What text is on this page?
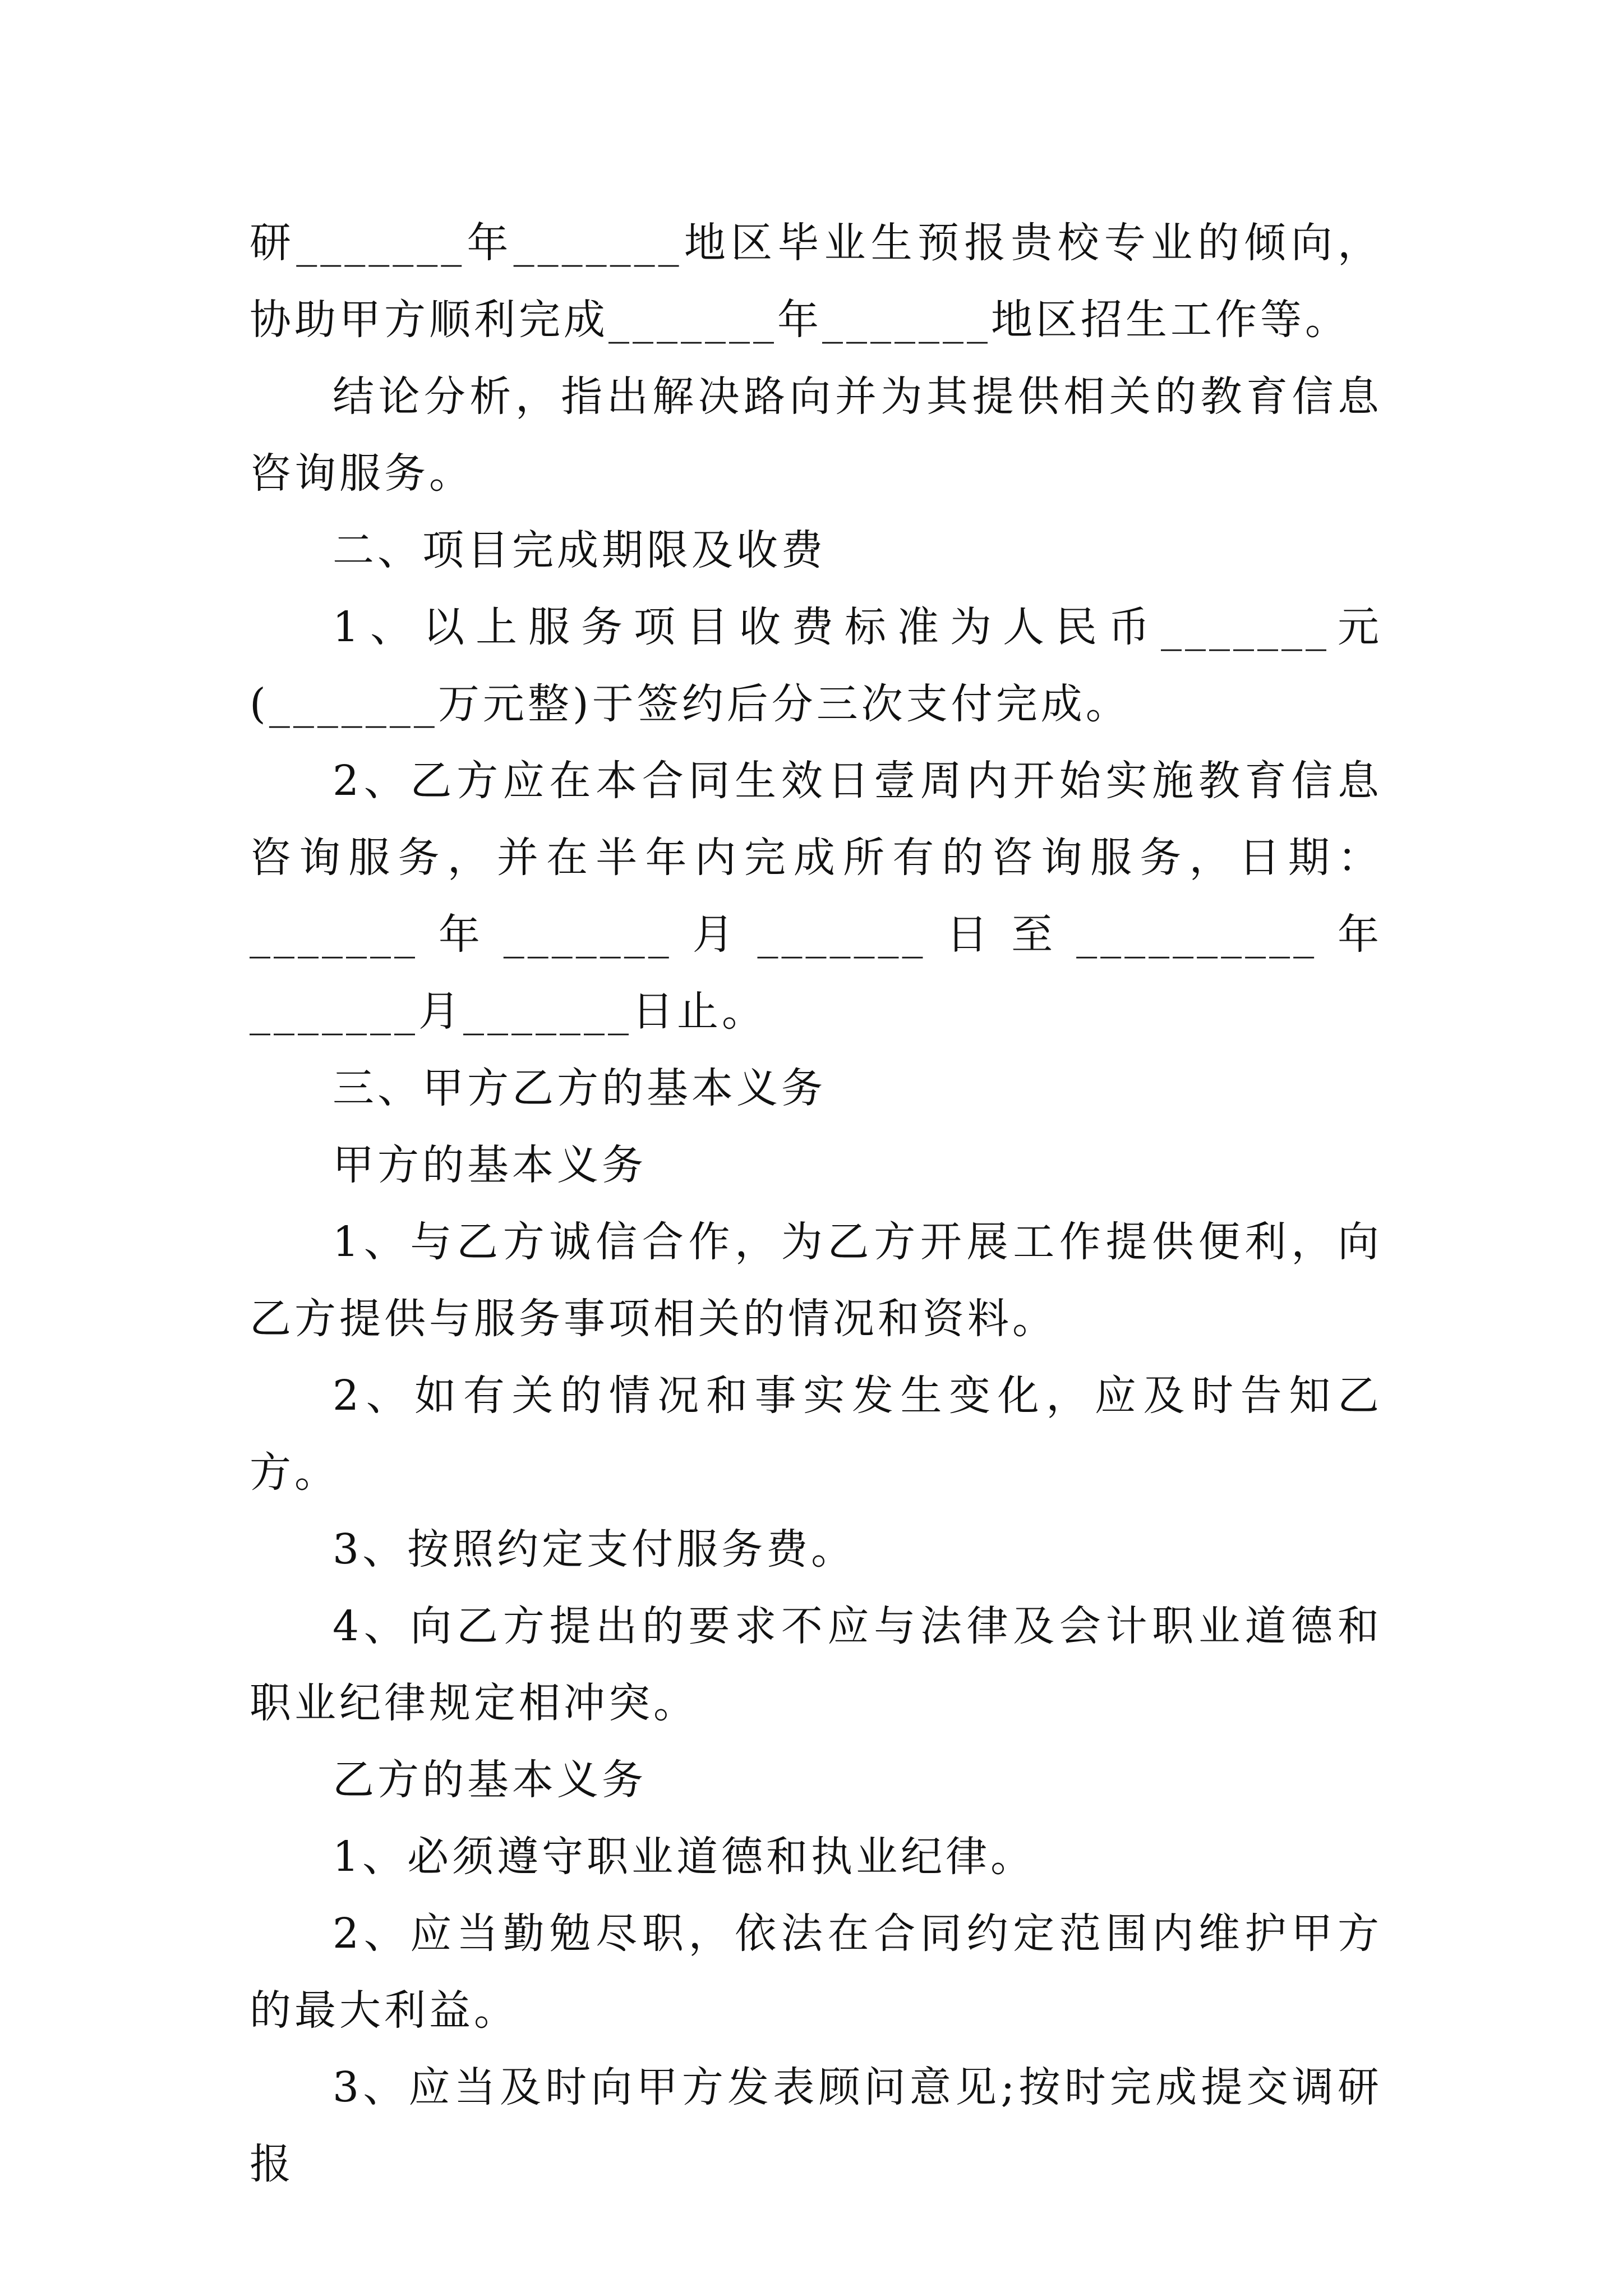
研_______年_______地区毕业生预报贵校专业的倾向，协助甲方顺利完成_______年_______地区招生工作等。

结论分析，指出解决路向并为其提供相关的教育信息咨询服务。

二、项目完成期限及收费

1、以上服务项目收费标准为人民币_______元(_______万元整)于签约后分三次支付完成。

2、乙方应在本合同生效日壹周内开始实施教育信息咨询服务，并在半年内完成所有的咨询服务，日期：_______年_______月_______日至__________年_______月_______日止。

三、甲方乙方的基本义务

甲方的基本义务

1、与乙方诚信合作，为乙方开展工作提供便利，向乙方提供与服务事项相关的情况和资料。

2、如有关的情况和事实发生变化，应及时告知乙方。

3、按照约定支付服务费。

4、向乙方提出的要求不应与法律及会计职业道德和职业纪律规定相冲突。

乙方的基本义务

1、必须遵守职业道德和执业纪律。

2、应当勤勉尽职，依法在合同约定范围内维护甲方的最大利益。

3、应当及时向甲方发表顾问意见;按时完成提交调研报
